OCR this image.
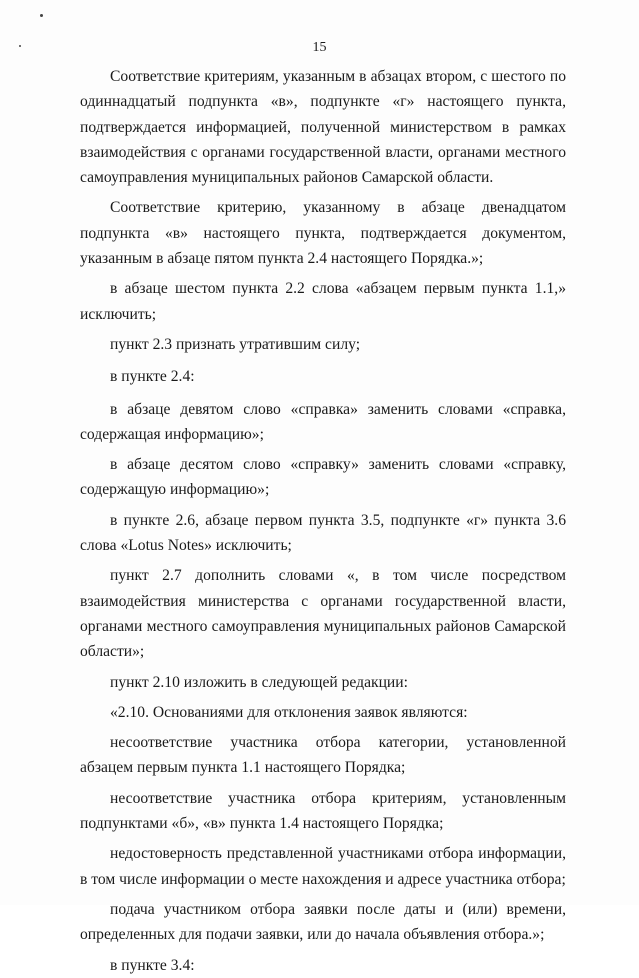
15

Соответствие критериям, указанным в абзацах втором, с шестого по одиннадцатый подпункта «в», подпункте «г» настоящего пункта, подтверждается информацией, полученной министерством в рамках взаимодействия с органами государственной власти, органами местного самоуправления муниципальных районов Самарской области.

Соответствие критерию, указанному в абзаце двенадцатом подпункта «в» настоящего пункта, подтверждается документом, указанным в абзаце пятом пункта 2.4 настоящего Порядка.»;

в абзаце шестом пункта 2.2 слова «абзацем первым пункта 1.1,» исключить;

пункт 2.3 признать утратившим силу;

в пункте 2.4:

в абзаце девятом слово «справка» заменить словами «справка, содержащая информацию»;

в абзаце десятом слово «справку» заменить словами «справку, содержащую информацию»;

в пункте 2.6, абзаце первом пункта 3.5, подпункте «г» пункта 3.6 слова «Lotus Notes» исключить;

пункт 2.7 дополнить словами «, в том числе посредством взаимодействия министерства с органами государственной власти, органами местного самоуправления муниципальных районов Самарской области»;

пункт 2.10 изложить в следующей редакции:

«2.10. Основаниями для отклонения заявок являются:

несоответствие участника отбора категории, установленной абзацем первым пункта 1.1 настоящего Порядка;

несоответствие участника отбора критериям, установленным подпунктами «б», «в» пункта 1.4 настоящего Порядка;

недостоверность представленной участниками отбора информации, в том числе информации о месте нахождения и адресе участника отбора;

подача участником отбора заявки после даты и (или) времени, определенных для подачи заявки, или до начала объявления отбора.»;

в пункте 3.4:
